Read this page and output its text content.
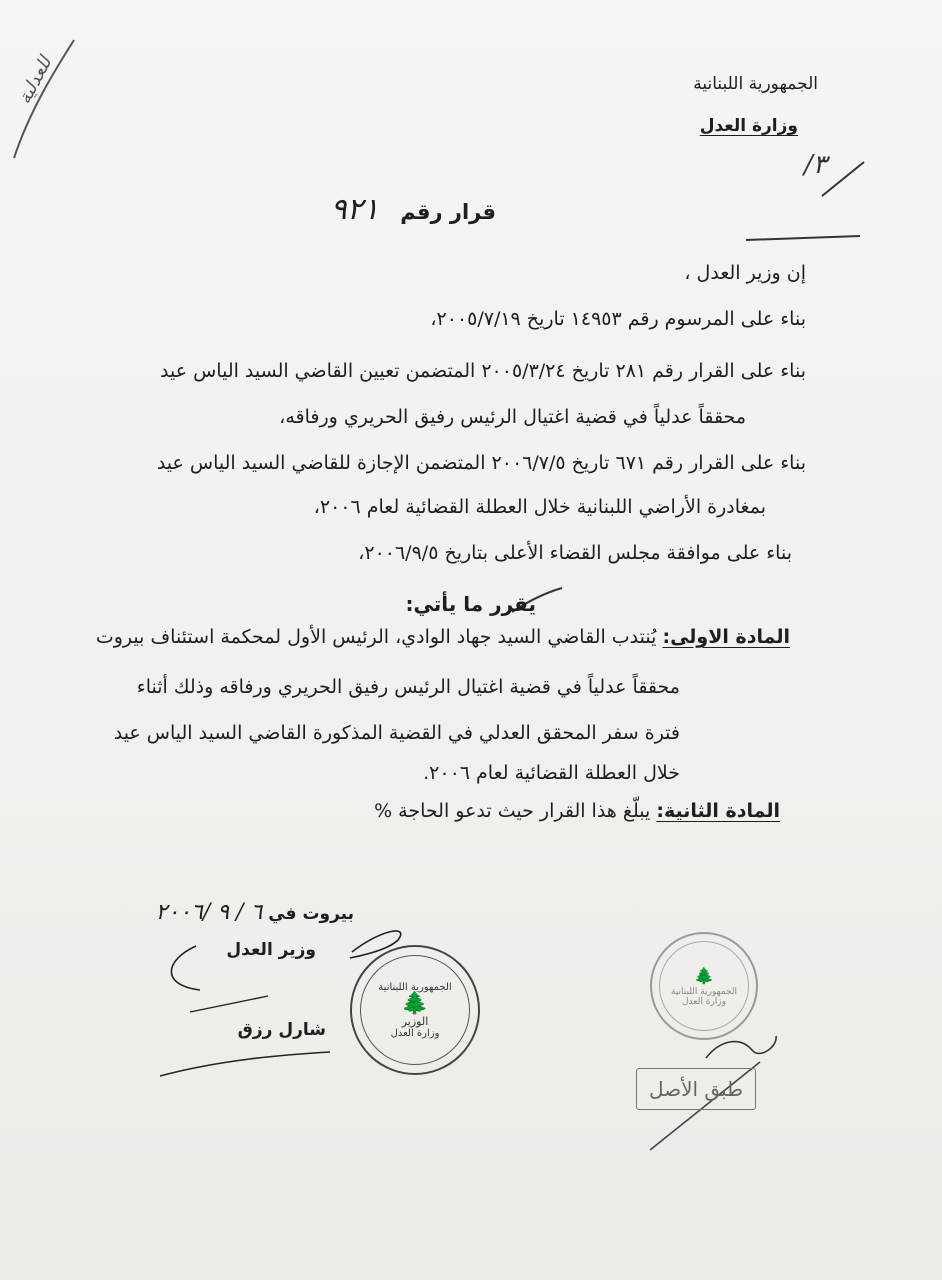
للعدلية
٣/
الجمهورية اللبنانية
وزارة العدل
قرار رقم ٩٢١
إن وزير العدل ،
بناء على المرسوم رقم ١٤٩٥٣ تاريخ ٢٠٠٥/٧/١٩،
بناء على القرار رقم ٢٨١ تاريخ ٢٠٠٥/٣/٢٤ المتضمن تعيين القاضي السيد الياس عيد
محققاً عدلياً في قضية اغتيال الرئيس رفيق الحريري ورفاقه،
بناء على القرار رقم ٦٧١ تاريخ ٢٠٠٦/٧/٥ المتضمن الإجازة للقاضي السيد الياس عيد
بمغادرة الأراضي اللبنانية خلال العطلة القضائية لعام ٢٠٠٦،
بناء على موافقة مجلس القضاء الأعلى بتاريخ ٢٠٠٦/٩/٥،
يقرر ما يأتي:
المادة الاولى: يُنتدب القاضي السيد جهاد الوادي، الرئيس الأول لمحكمة استئناف بيروت
محققاً عدلياً في قضية اغتيال الرئيس رفيق الحريري ورفاقه وذلك أثناء
فترة سفر المحقق العدلي في القضية المذكورة القاضي السيد الياس عيد
خلال العطلة القضائية لعام ٢٠٠٦.
المادة الثانية: يبلّغ هذا القرار حيث تدعو الحاجة %
بيروت في ٦ / ٩ /٢٠٠٦
وزير العدل
شارل رزق
الجمهورية اللبنانية
🌲
الوزير
وزارة العدل
🌲
الجمهورية اللبنانية وزارة العدل
طبق الأصل
